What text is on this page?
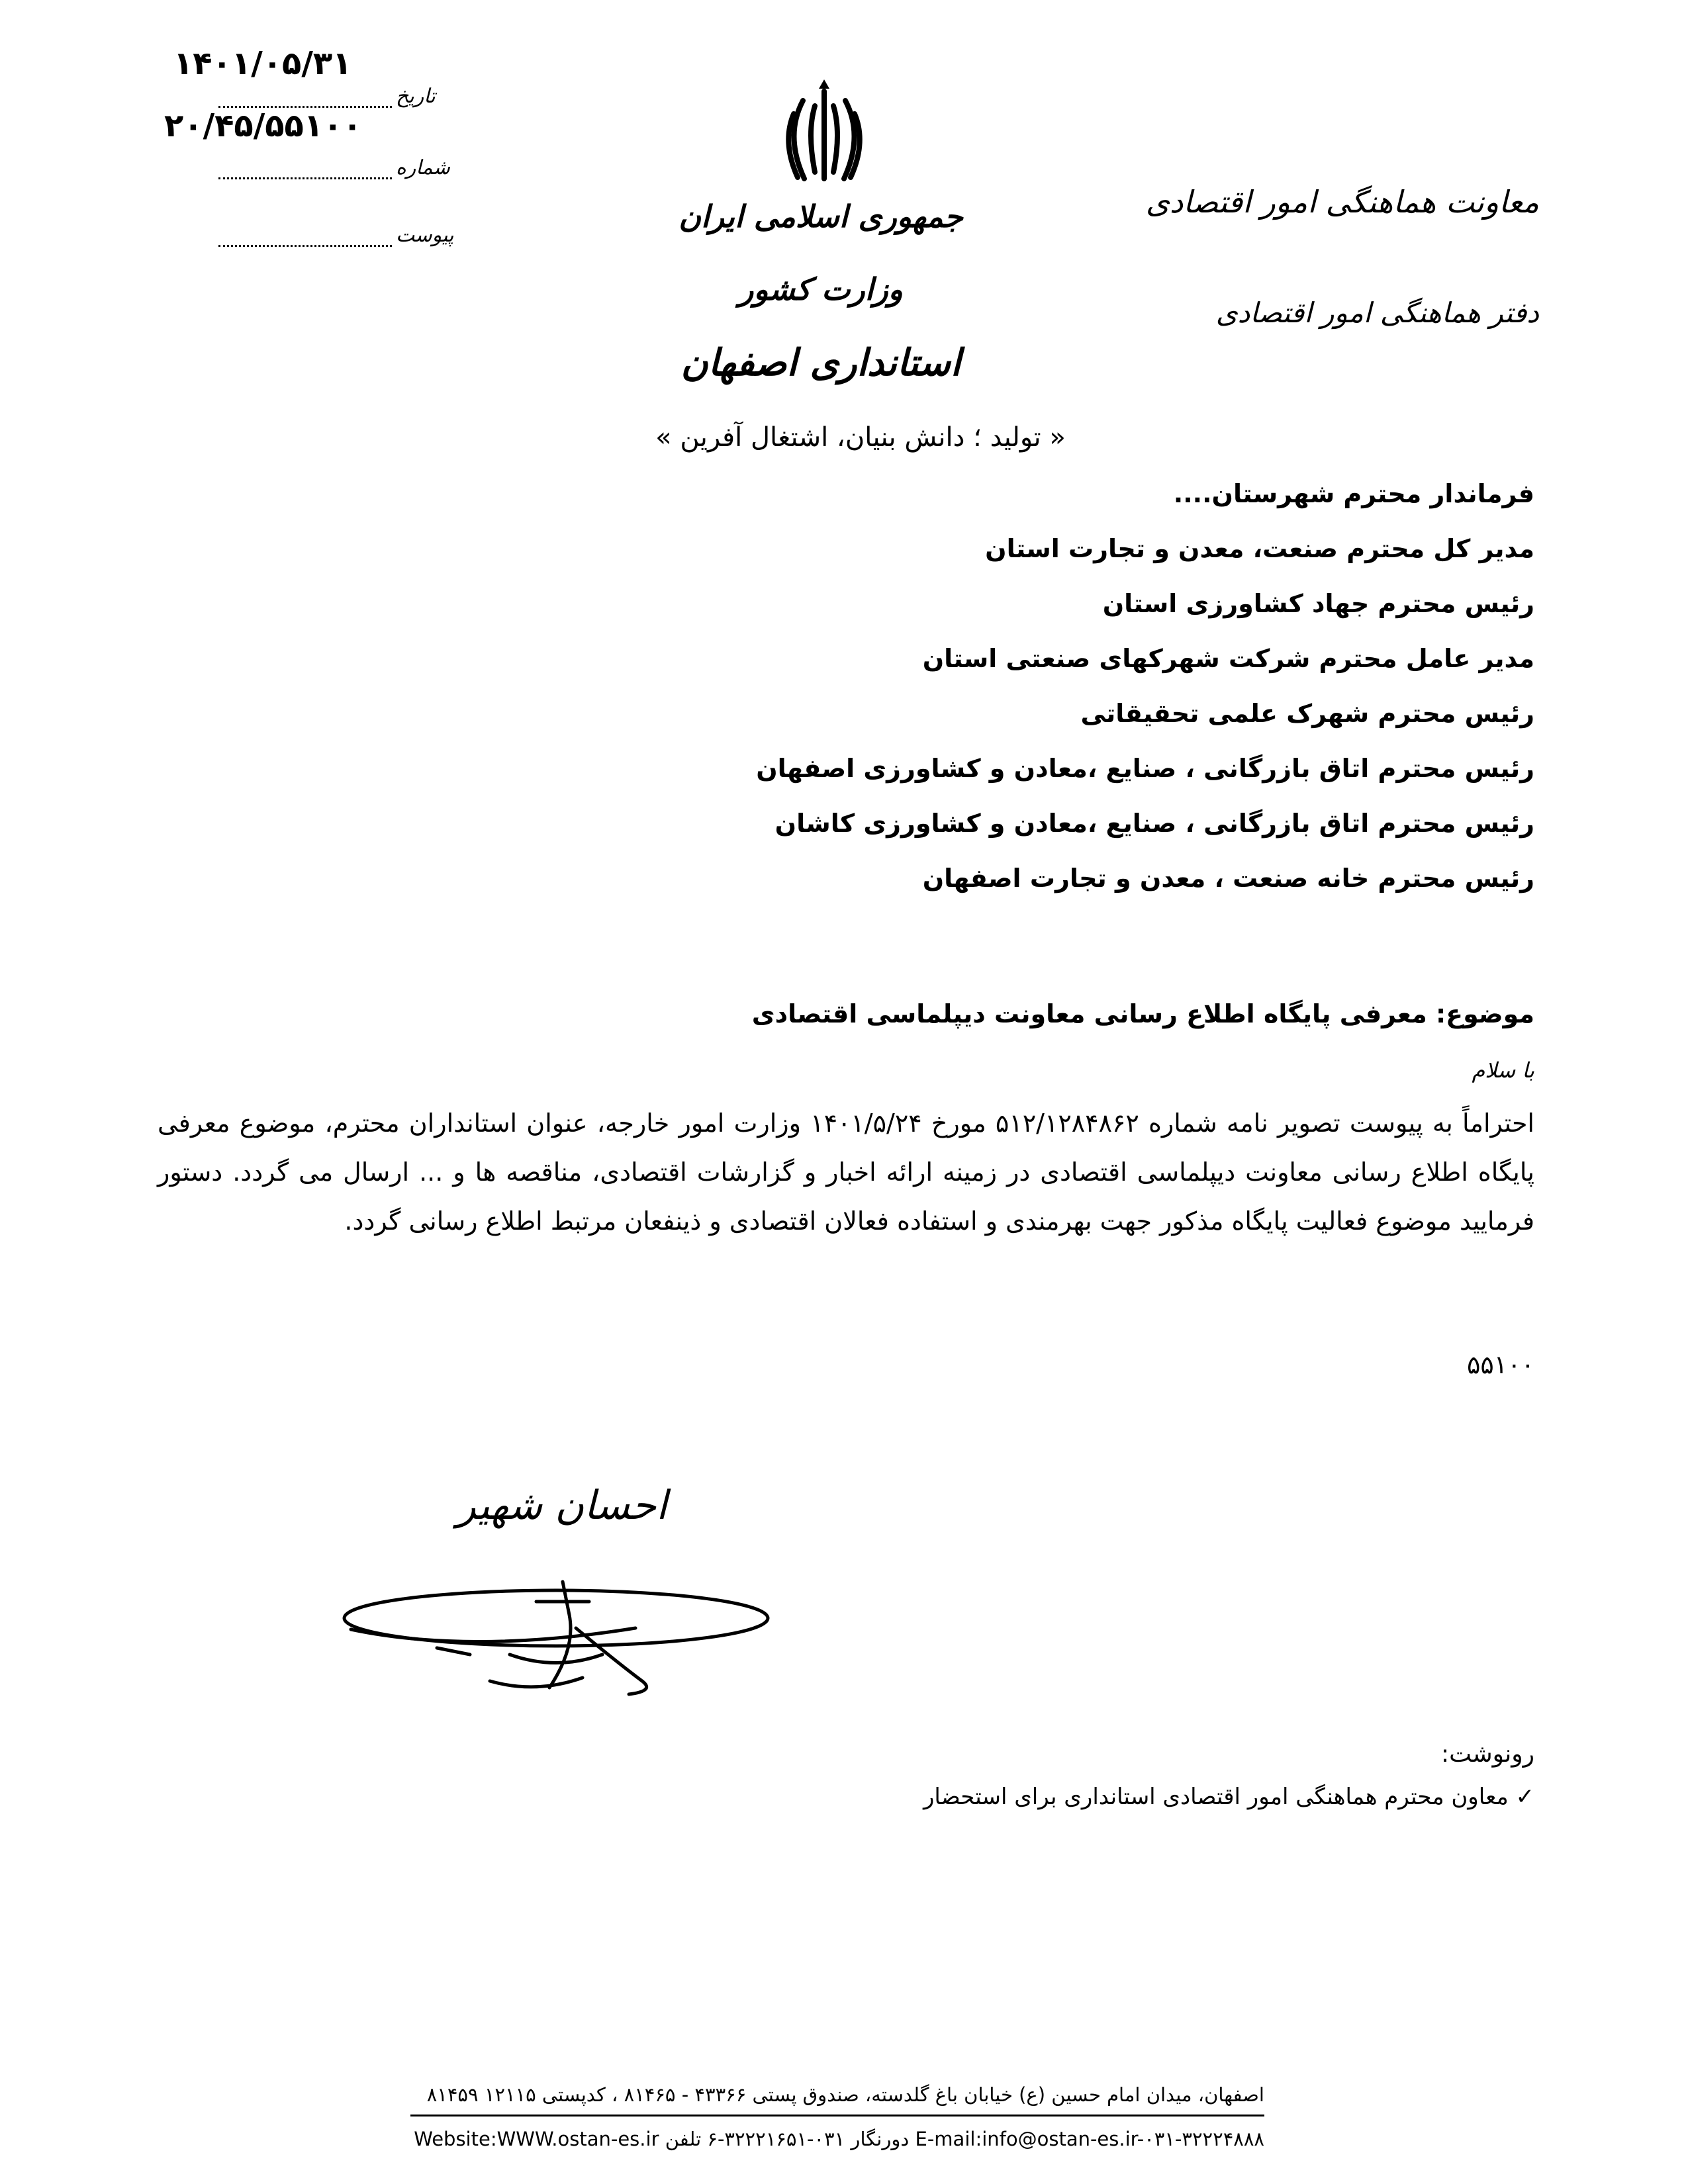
۱۴۰۱/۰۵/۳۱
۲۰/۴۵/۵۵۱۰۰
تاریخ
شماره
پیوست
جمهوری اسلامی ایران
وزارت کشور
استانداری اصفهان
معاونت هماهنگی امور اقتصادی
دفتر هماهنگی امور اقتصادی
« تولید ؛ دانش بنیان، اشتغال آفرین »
فرماندار محترم شهرستان....
مدیر کل محترم صنعت، معدن و تجارت استان
رئیس محترم جهاد کشاورزی استان
مدیر عامل محترم شرکت شهرکهای صنعتی استان
رئیس محترم شهرک علمی تحقیقاتی
رئیس محترم اتاق بازرگانی ، صنایع ،معادن و کشاورزی اصفهان
رئیس محترم اتاق بازرگانی ، صنایع ،معادن و کشاورزی کاشان
رئیس محترم خانه صنعت ، معدن و تجارت اصفهان
موضوع: معرفی پایگاه اطلاع رسانی معاونت دیپلماسی اقتصادی
با سلام
احتراماً به پیوست تصویر نامه شماره ۵۱۲/۱۲۸۴۸۶۲ مورخ ۱۴۰۱/۵/۲۴ وزارت امور خارجه، عنوان استانداران محترم، موضوع معرفی پایگاه اطلاع رسانی معاونت دیپلماسی اقتصادی در زمینه ارائه اخبار و گزارشات اقتصادی، مناقصه ها و ... ارسال می گردد. دستور فرمایید موضوع فعالیت پایگاه مذکور جهت بهرمندی و استفاده فعالان اقتصادی و ذینفعان مرتبط اطلاع رسانی گردد.
۵۵۱۰۰
احسان شهیر
رونوشت:
✓ معاون محترم هماهنگی امور اقتصادی استانداری برای استحضار
اصفهان، میدان امام حسین (ع) خیابان باغ گلدسته، صندوق پستی ۴۳۳۶۶ - ۸۱۴۶۵ ، کدپستی ۱۲۱۱۵ ۸۱۴۵۹
E-mail:info@ostan-es.ir-۰۳۱-۳۲۲۲۴۸۸۸ دورنگار ۰۳۱-۳۲۲۲۱۶۵۱-۶ تلفن Website:WWW.ostan-es.ir
